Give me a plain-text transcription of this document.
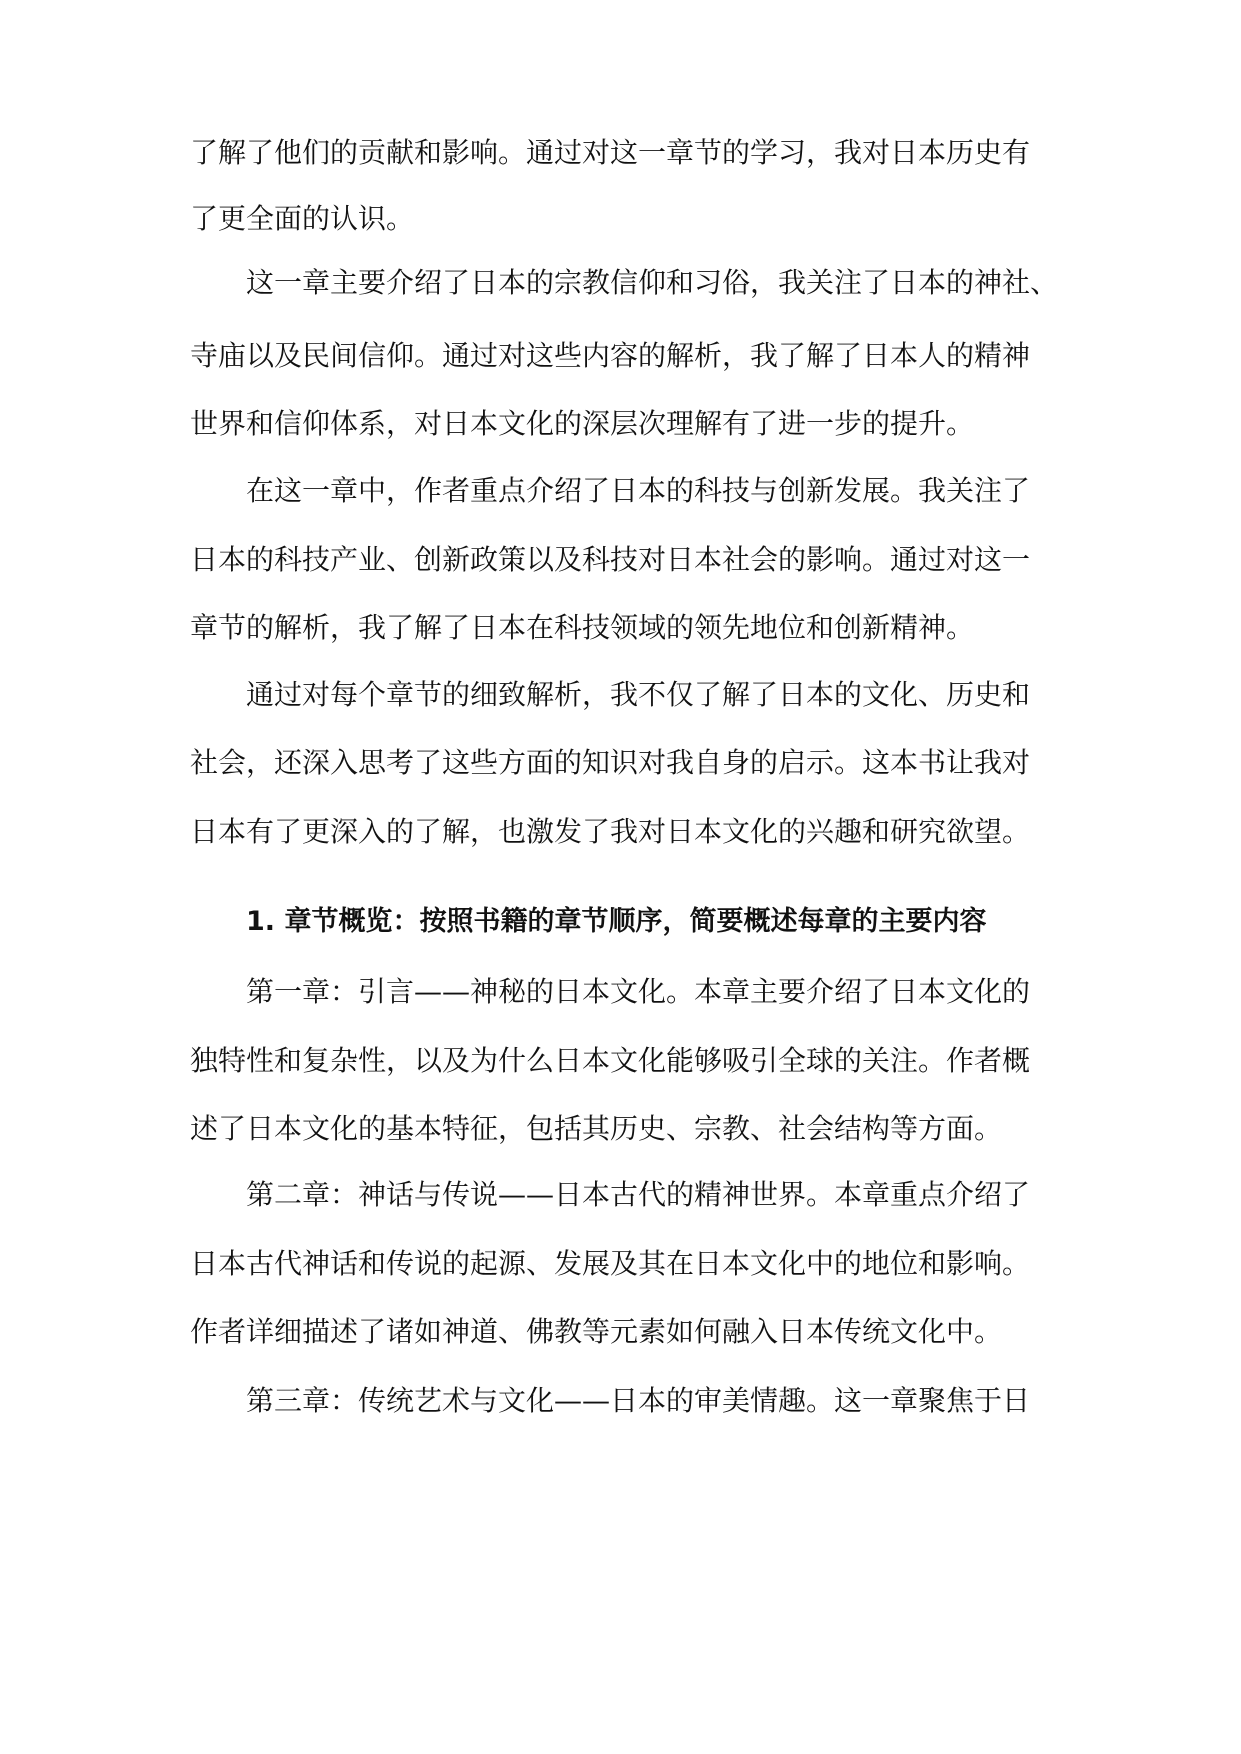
了解了他们的贡献和影响。通过对这一章节的学习，我对日本历史有
了更全面的认识。
这一章主要介绍了日本的宗教信仰和习俗，我关注了日本的神社、
寺庙以及民间信仰。通过对这些内容的解析，我了解了日本人的精神
世界和信仰体系，对日本文化的深层次理解有了进一步的提升。
在这一章中，作者重点介绍了日本的科技与创新发展。我关注了
日本的科技产业、创新政策以及科技对日本社会的影响。通过对这一
章节的解析，我了解了日本在科技领域的领先地位和创新精神。
通过对每个章节的细致解析，我不仅了解了日本的文化、历史和
社会，还深入思考了这些方面的知识对我自身的启示。这本书让我对
日本有了更深入的了解，也激发了我对日本文化的兴趣和研究欲望。
1. 章节概览：按照书籍的章节顺序，简要概述每章的主要内容
第一章：引言——神秘的日本文化。本章主要介绍了日本文化的
独特性和复杂性，以及为什么日本文化能够吸引全球的关注。作者概
述了日本文化的基本特征，包括其历史、宗教、社会结构等方面。
第二章：神话与传说——日本古代的精神世界。本章重点介绍了
日本古代神话和传说的起源、发展及其在日本文化中的地位和影响。
作者详细描述了诸如神道、佛教等元素如何融入日本传统文化中。
第三章：传统艺术与文化——日本的审美情趣。这一章聚焦于日
